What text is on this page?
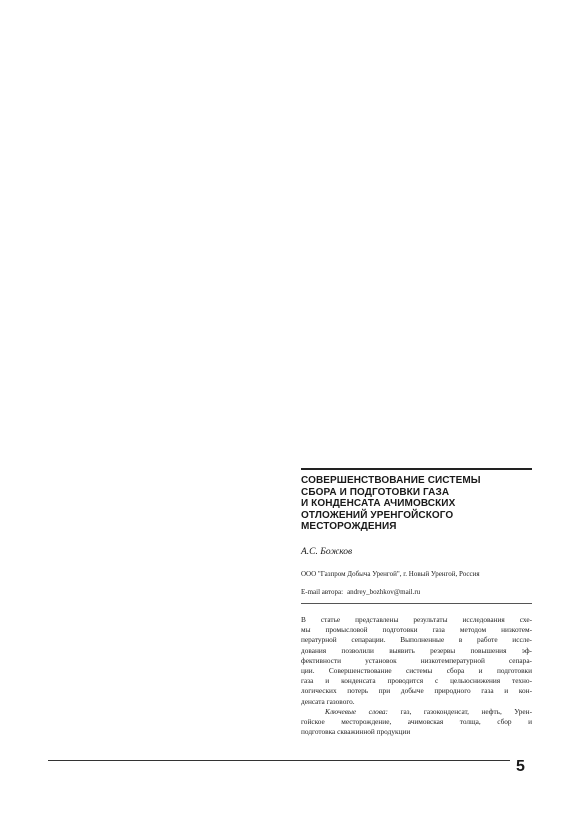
СОВЕРШЕНСТВОВАНИЕ СИСТЕМЫ
СБОРА И ПОДГОТОВКИ ГАЗА
И КОНДЕНСАТА АЧИМОВСКИХ
ОТЛОЖЕНИЙ УРЕНГОЙСКОГО
МЕСТОРОЖДЕНИЯ
А.С. Божков
ООО "Газпром Добыча Уренгой", г. Новый Уренгой, Россия
E-mail автора: andrey_bozhkov@mail.ru
В статье представлены результаты исследования схе-
мы промысловой подготовки газа методом низкотем-
пературной сепарации. Выполненные в работе иссле-
дования позволили выявить резервы повышения эф-
фективности установок низкотемпературной сепара-
ции. Совершенствование системы сбора и подготовки
газа и конденсата проводится с цельюснижения техно-
логических потерь при добыче природного газа и кон-
денсата газового.
Ключевые слова: газ, газоконденсат, нефть, Урен-
гойское месторождение, ачимовская толща, сбор и
подготовка скважинной продукции
5
